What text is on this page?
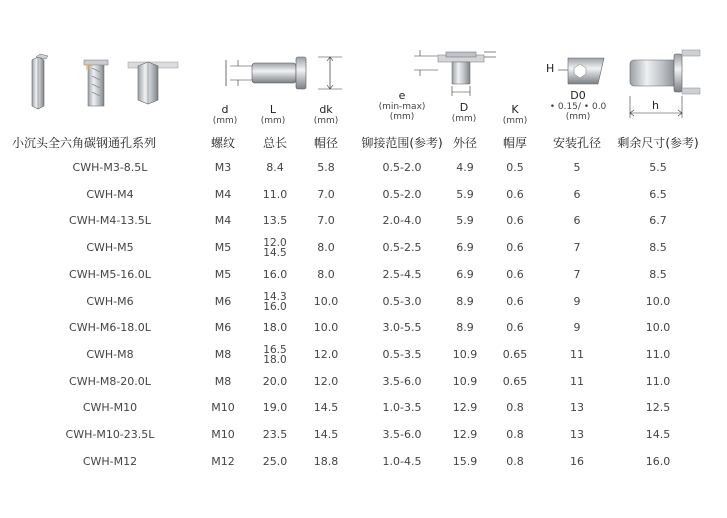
H
h
d
(mm)
L
(mm)
dk
(mm)
e
(min-max)
(mm)
D
(mm)
K
(mm)
D0
• 0.15/ • 0.0
(mm)
小沉头全六角碳钢通孔系列	螺纹	总长	帽径	铆接范围(参考) 外径	帽厚	安装孔径	剩余尺寸(参考)
CWH-M3-8.5L	M3	8.4	5.8	0.5-2.0	4.9	0.5	5	5.5
CWH-M4	M4	11.0	7.0	0.5-2.0	5.9	0.6	6	6.5
CWH-M4-13.5L	M4	13.5	7.0	2.0-4.0	5.9	0.6	6	6.7
CWH-M5	M5	12.0
14.5	8.0	0.5-2.5	6.9	0.6	7	8.5
CWH-M5-16.0L	M5	16.0	8.0	2.5-4.5	6.9	0.6	7	8.5
CWH-M6	M6	14.3
16.0	10.0	0.5-3.0	8.9	0.6	9	10.0
CWH-M6-18.0L	M6	18.0	10.0	3.0-5.5	8.9	0.6	9	10.0
CWH-M8	M8	16.5
18.0	12.0	0.5-3.5	10.9	0.65	11	11.0
CWH-M8-20.0L	M8	20.0	12.0	3.5-6.0	10.9	0.65	11	11.0
CWH-M10	M10	19.0	14.5	1.0-3.5	12.9	0.8	13	12.5
CWH-M10-23.5L	M10	23.5	14.5	3.5-6.0	12.9	0.8	13	14.5
CWH-M12	M12	25.0	18.8	1.0-4.5	15.9	0.8	16	16.0
